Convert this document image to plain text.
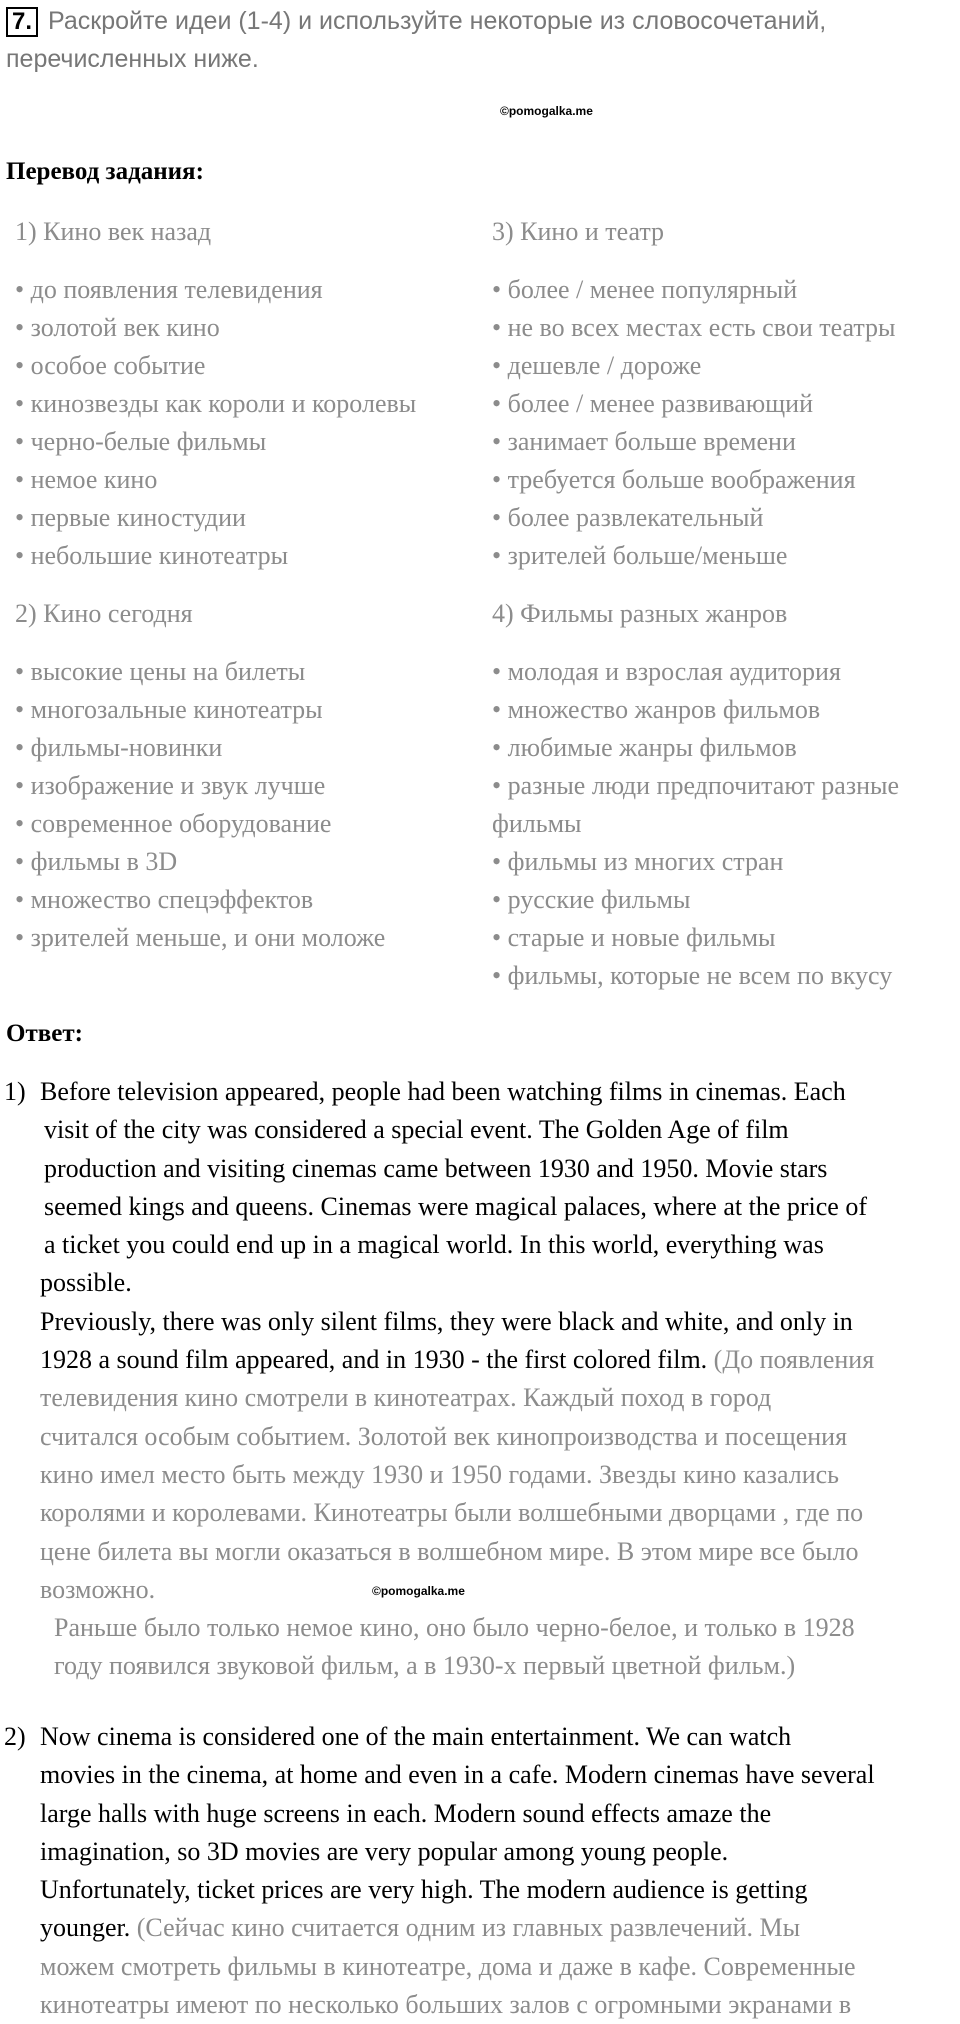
7. Раскройте идеи (1-4) и используйте некоторые из словосочетаний,
перечисленных ниже.
©pomogalka.me
Перевод задания:
1) Кино век назад
• до появления телевидения
• золотой век кино
• особое событие
• кинозвезды как короли и королевы
• черно-белые фильмы
• немое кино
• первые киностудии
• небольшие кинотеатры
2) Кино сегодня
• высокие цены на билеты
• многозальные кинотеатры
• фильмы-новинки
• изображение и звук лучше
• современное оборудование
• фильмы в 3D
• множество спецэффектов
• зрителей меньше, и они моложе
3) Кино и театр
• более / менее популярный
• не во всех местах есть свои театры
• дешевле / дороже
• более / менее развивающий
• занимает больше времени
• требуется больше воображения
• более развлекательный
• зрителей больше/меньше
4) Фильмы разных жанров
• молодая и взрослая аудитория
• множество жанров фильмов
• любимые жанры фильмов
• разные люди предпочитают разные
фильмы
• фильмы из многих стран
• русские фильмы
• старые и новые фильмы
• фильмы, которые не всем по вкусу
Ответ:
1) Before television appeared, people had been watching films in cinemas. Each
visit of the city was considered a special event. The Golden Age of film
production and visiting cinemas came between 1930 and 1950. Movie stars
seemed kings and queens. Cinemas were magical palaces, where at the price of
a ticket you could end up in a magical world. In this world, everything was
possible.
Previously, there was only silent films, they were black and white, and only in
1928 a sound film appeared, and in 1930 - the first colored film. (До появления
телевидения кино смотрели в кинотеатрах. Каждый поход в город
считался особым событием. Золотой век кинопроизводства и посещения
кино имел место быть между 1930 и 1950 годами. Звезды кино казались
королями и королевами. Кинотеатры были волшебными дворцами , где по
цене билета вы могли оказаться в волшебном мире. В этом мире все было
возможно.
Раньше было только немое кино, оно было черно-белое, и только в 1928
году появился звуковой фильм, а в 1930-х первый цветной фильм.)
©pomogalka.me
2) Now cinema is considered one of the main entertainment. We can watch
movies in the cinema, at home and even in a cafe. Modern cinemas have several
large halls with huge screens in each. Modern sound effects amaze the
imagination, so 3D movies are very popular among young people.
Unfortunately, ticket prices are very high. The modern audience is getting
younger. (Сейчас кино считается одним из главных развлечений. Мы
можем смотреть фильмы в кинотеатре, дома и даже в кафе. Современные
кинотеатры имеют по несколько больших залов с огромными экранами в
